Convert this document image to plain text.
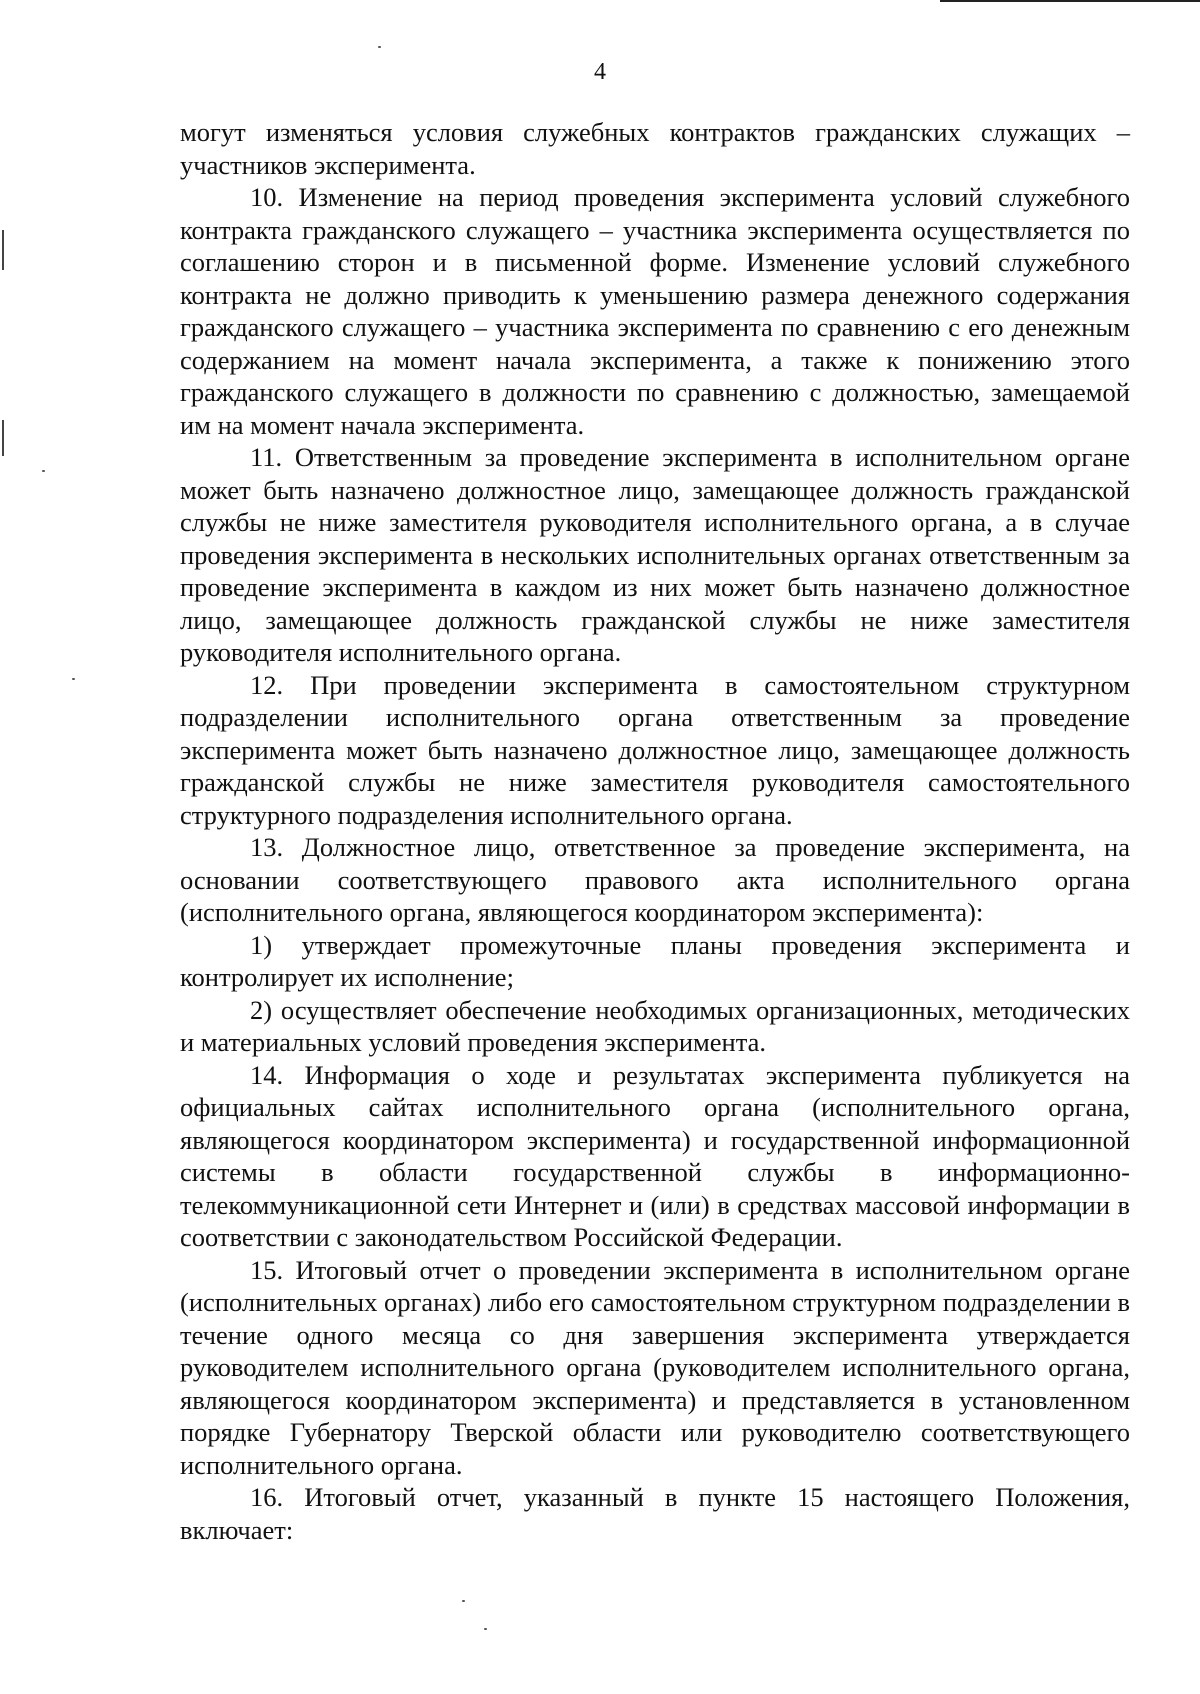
4

могут изменяться условия служебных контрактов гражданских служащих – участников эксперимента.

10. Изменение на период проведения эксперимента условий служебного контракта гражданского служащего – участника эксперимента осуществляется по соглашению сторон и в письменной форме. Изменение условий служебного контракта не должно приводить к уменьшению размера денежного содержания гражданского служащего – участника эксперимента по сравнению с его денежным содержанием на момент начала эксперимента, а также к понижению этого гражданского служащего в должности по сравнению с должностью, замещаемой им на момент начала эксперимента.

11. Ответственным за проведение эксперимента в исполнительном органе может быть назначено должностное лицо, замещающее должность гражданской службы не ниже заместителя руководителя исполнительного органа, а в случае проведения эксперимента в нескольких исполнительных органах ответственным за проведение эксперимента в каждом из них может быть назначено должностное лицо, замещающее должность гражданской службы не ниже заместителя руководителя исполнительного органа.

12. При проведении эксперимента в самостоятельном структурном подразделении исполнительного органа ответственным за проведение эксперимента может быть назначено должностное лицо, замещающее должность гражданской службы не ниже заместителя руководителя самостоятельного структурного подразделения исполнительного органа.

13. Должностное лицо, ответственное за проведение эксперимента, на основании соответствующего правового акта исполнительного органа (исполнительного органа, являющегося координатором эксперимента):

1) утверждает промежуточные планы проведения эксперимента и контролирует их исполнение;

2) осуществляет обеспечение необходимых организационных, методических и материальных условий проведения эксперимента.

14. Информация о ходе и результатах эксперимента публикуется на официальных сайтах исполнительного органа (исполнительного органа, являющегося координатором эксперимента) и государственной информационной системы в области государственной службы в информационно-телекоммуникационной сети Интернет и (или) в средствах массовой информации в соответствии с законодательством Российской Федерации.

15. Итоговый отчет о проведении эксперимента в исполнительном органе (исполнительных органах) либо его самостоятельном структурном подразделении в течение одного месяца со дня завершения эксперимента утверждается руководителем исполнительного органа (руководителем исполнительного органа, являющегося координатором эксперимента) и представляется в установленном порядке Губернатору Тверской области или руководителю соответствующего исполнительного органа.

16. Итоговый отчет, указанный в пункте 15 настоящего Положения, включает:
